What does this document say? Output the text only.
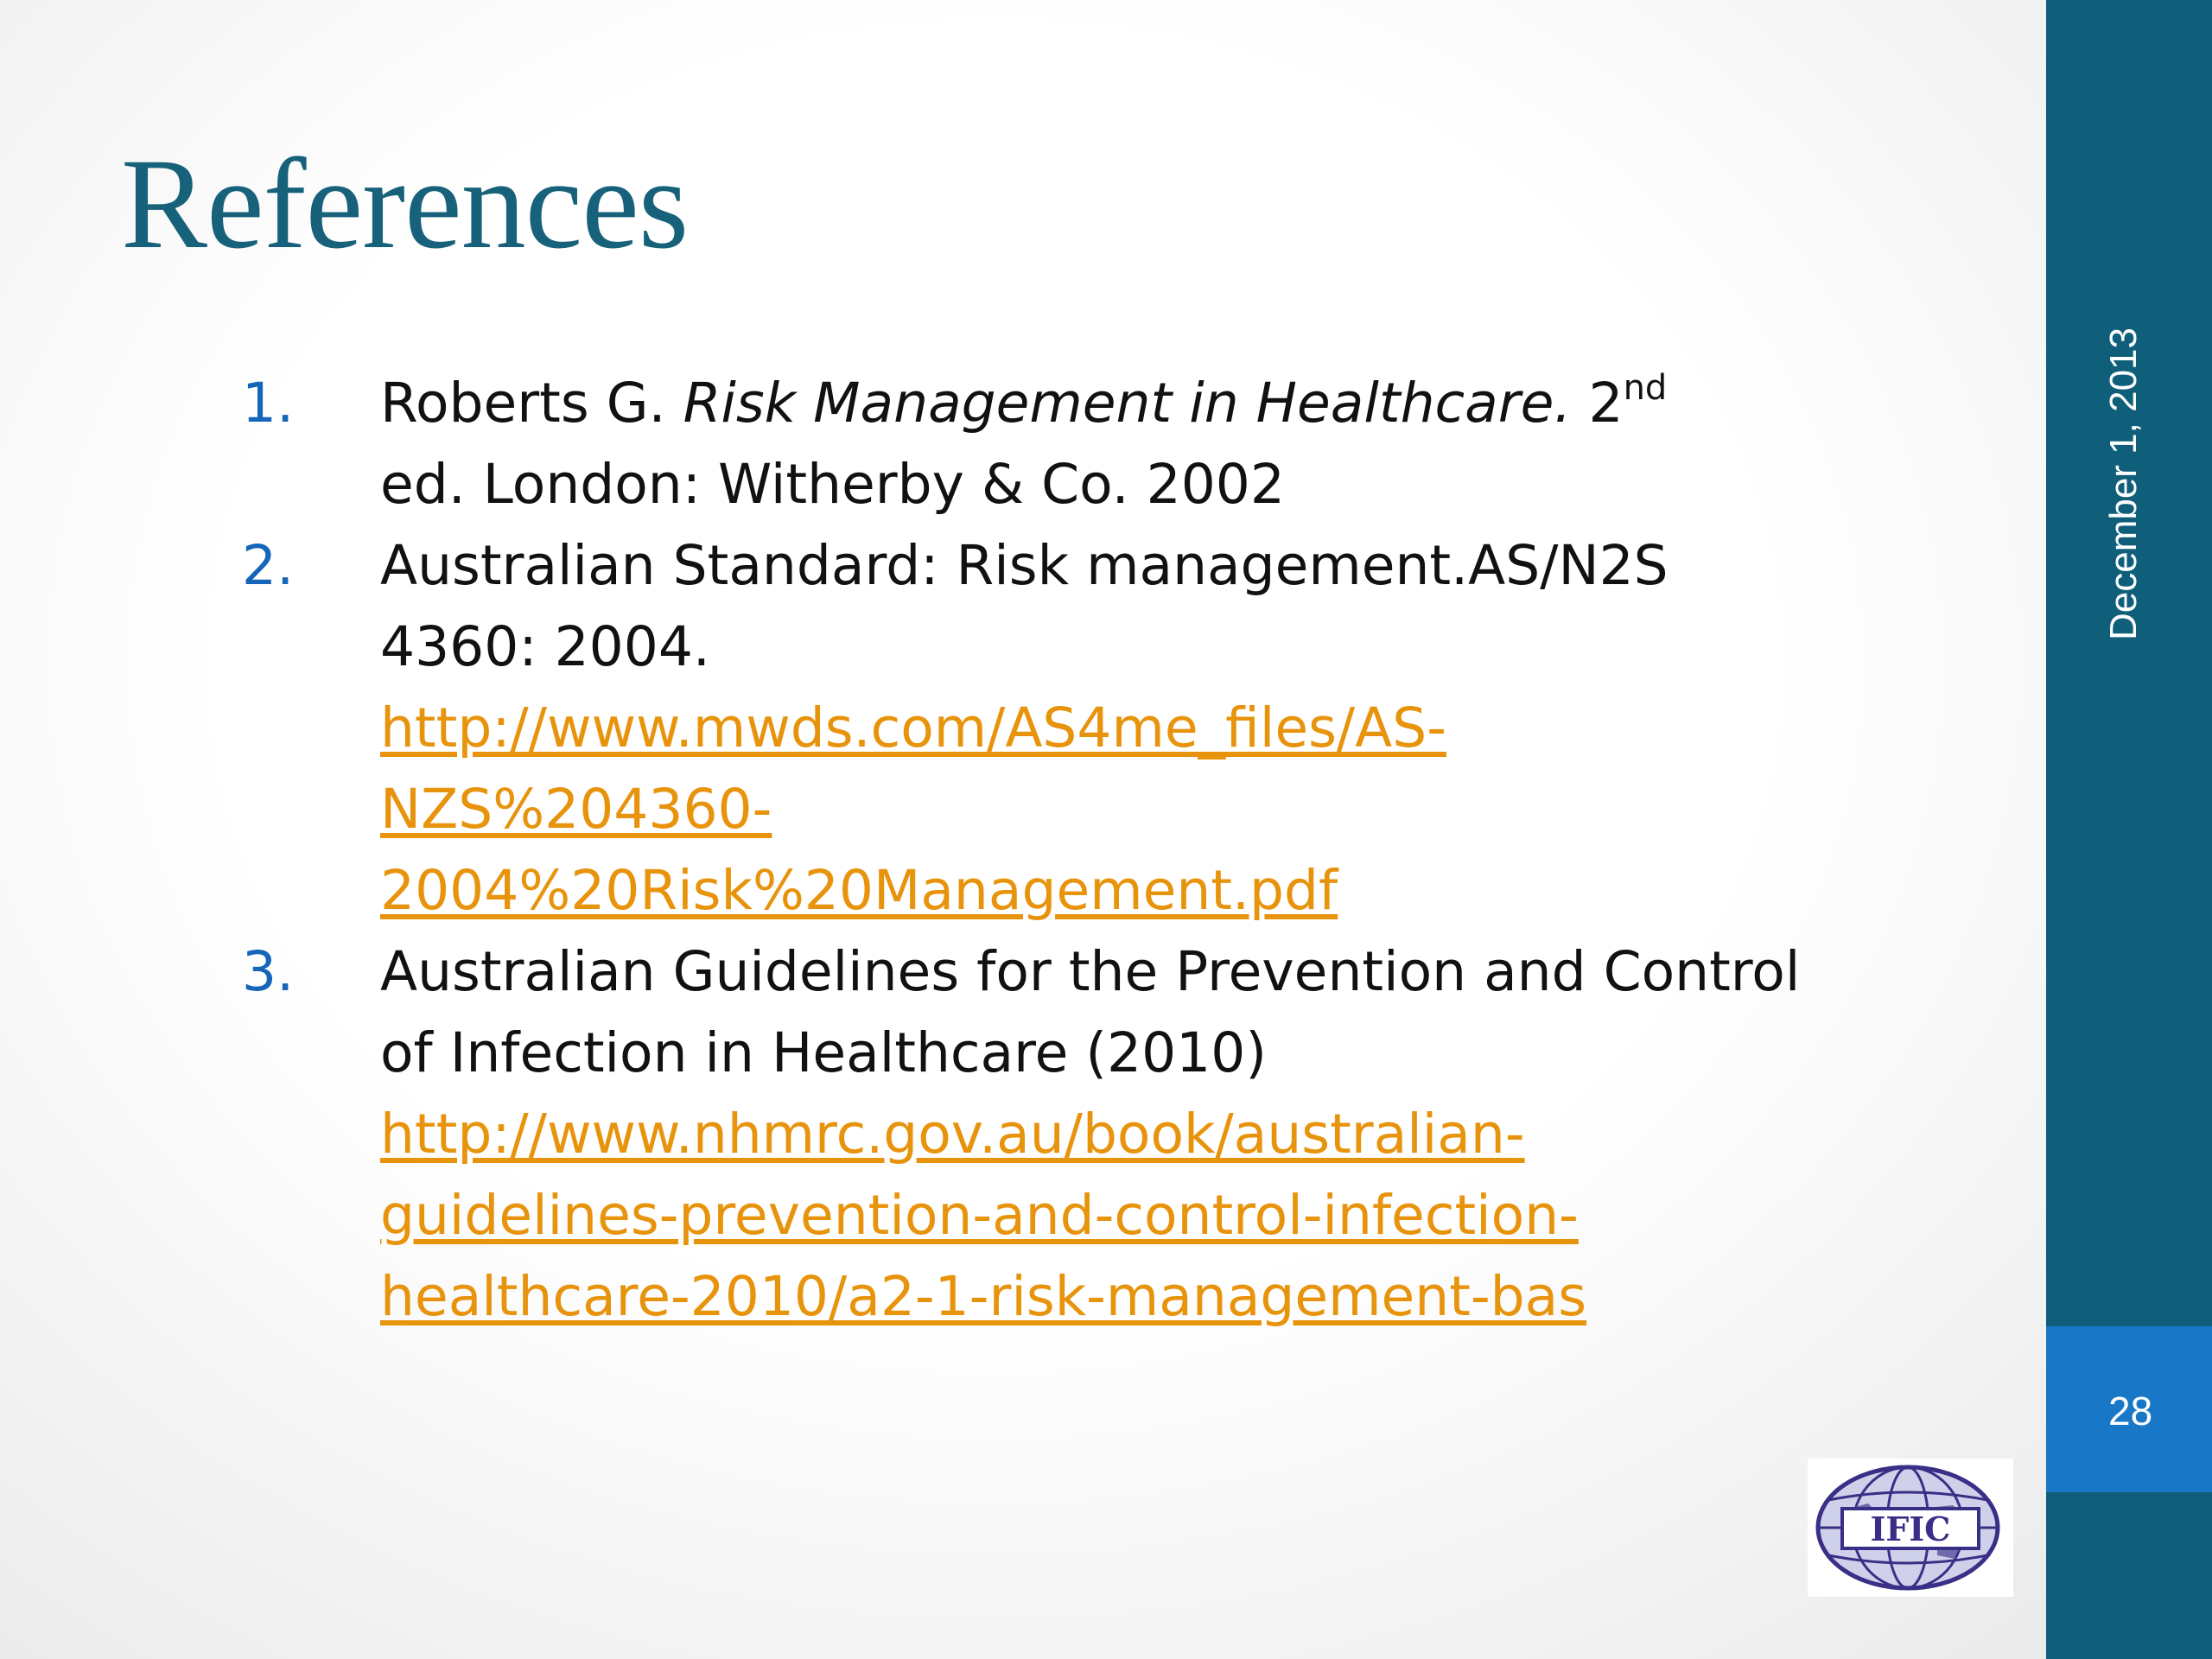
References
1. Roberts G. Risk Management in Healthcare. 2nd
ed. London: Witherby & Co. 2002
2. Australian Standard: Risk management.AS/N2S 4360: 2004.
http://www.mwds.com/AS4me_files/AS-
NZS%204360-
2004%20Risk%20Management.pdf
3. Australian Guidelines for the Prevention and Control of Infection in Healthcare (2010)
http://www.nhmrc.gov.au/book/australian-
guidelines-prevention-and-control-infection-
healthcare-2010/a2-1-risk-management-bas
IFIC
December 1, 2013
28
